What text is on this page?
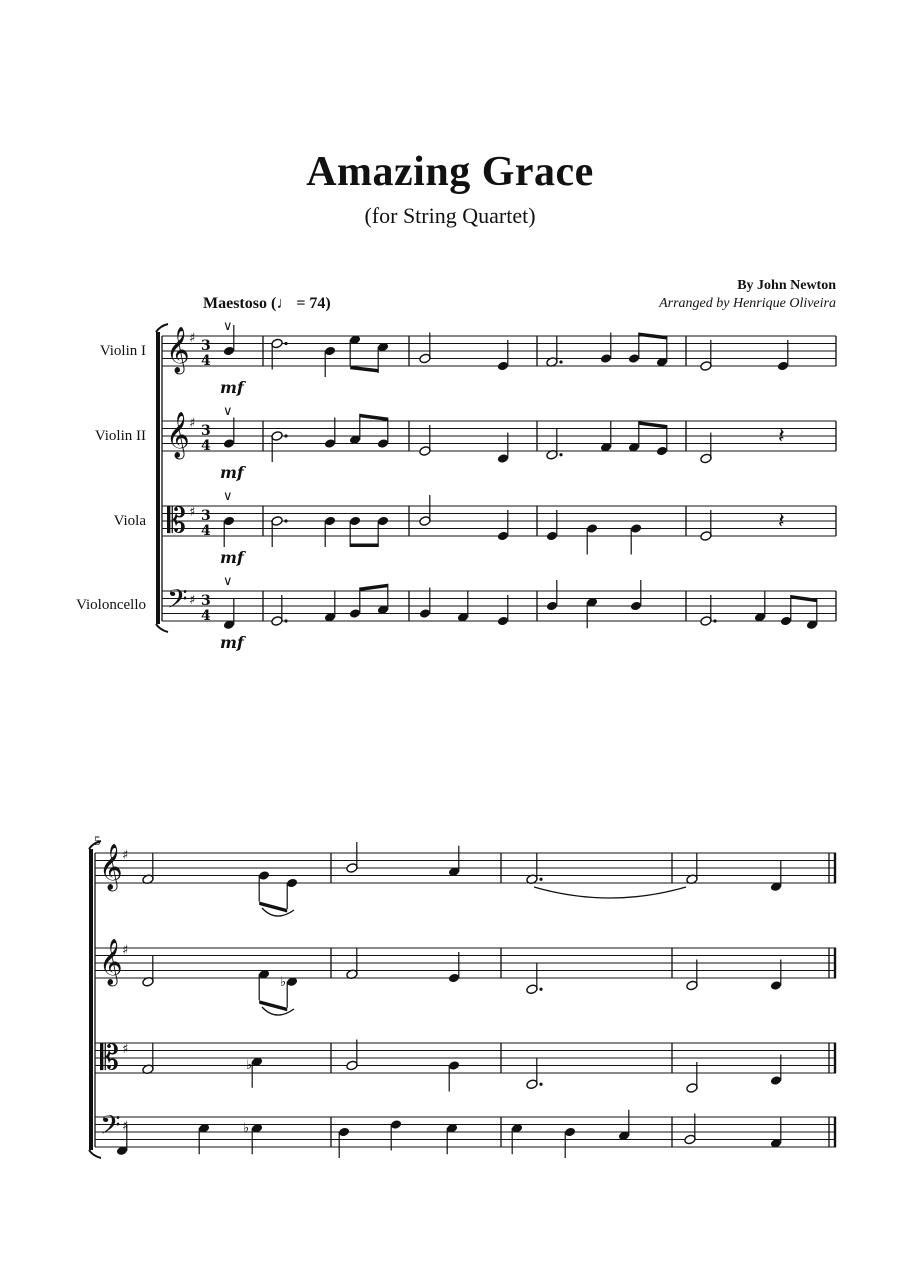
Amazing Grace
(for String Quartet)
By John Newton
Arranged by Henrique Oliveira
Maestoso (♩ = 74)
Violin I
Violin II
Viola
Violoncello
5
𝄞
𝄞
𝄡
𝄢
♯
♯
♯
♯
3
4
3
4
3
4
3
4
mf
∨
mf
∨
mf
∨
mf
∨
𝄽
𝄽
𝄞
𝄞
𝄡
𝄢
♯
♯
♯
♯
♭
♭
♭
